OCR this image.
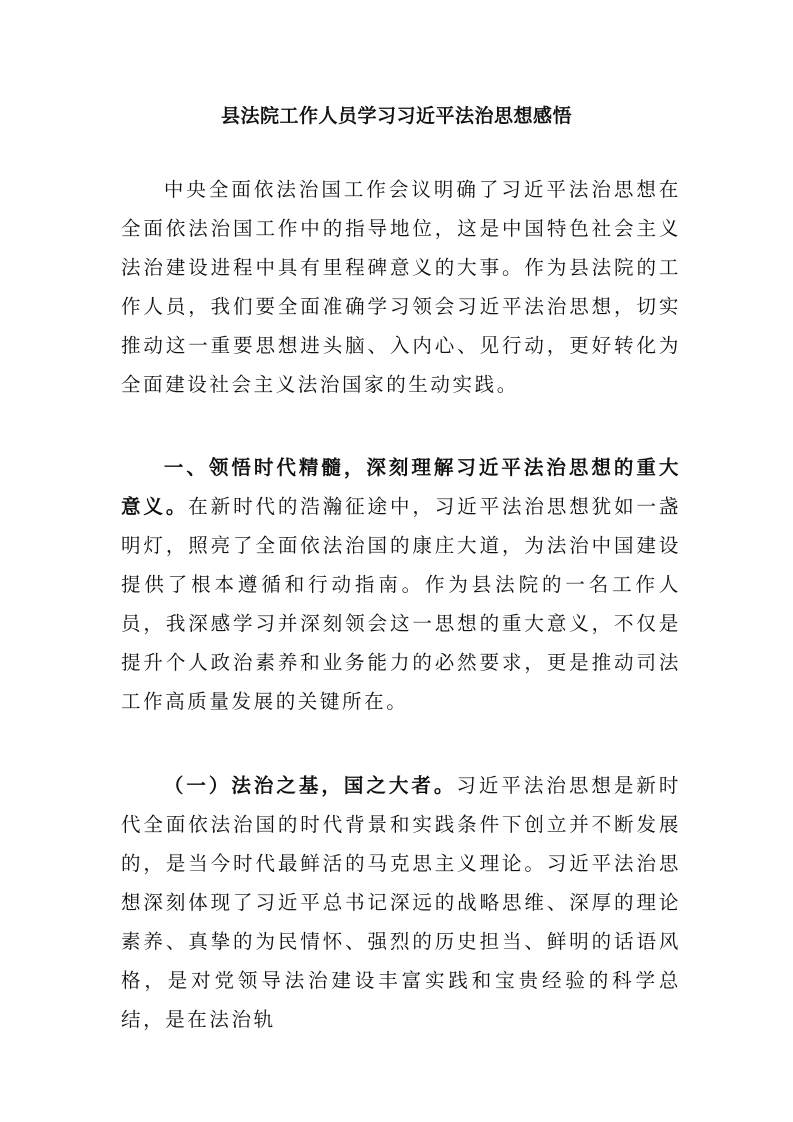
县法院工作人员学习习近平法治思想感悟

中央全面依法治国工作会议明确了习近平法治思想在全面依法治国工作中的指导地位，这是中国特色社会主义法治建设进程中具有里程碑意义的大事。作为县法院的工作人员，我们要全面准确学习领会习近平法治思想，切实推动这一重要思想进头脑、入内心、见行动，更好转化为全面建设社会主义法治国家的生动实践。

一、领悟时代精髓，深刻理解习近平法治思想的重大意义。在新时代的浩瀚征途中，习近平法治思想犹如一盏明灯，照亮了全面依法治国的康庄大道，为法治中国建设提供了根本遵循和行动指南。作为县法院的一名工作人员，我深感学习并深刻领会这一思想的重大意义，不仅是提升个人政治素养和业务能力的必然要求，更是推动司法工作高质量发展的关键所在。

（一）法治之基，国之大者。习近平法治思想是新时代全面依法治国的时代背景和实践条件下创立并不断发展的，是当今时代最鲜活的马克思主义理论。习近平法治思想深刻体现了习近平总书记深远的战略思维、深厚的理论素养、真挚的为民情怀、强烈的历史担当、鲜明的话语风格，是对党领导法治建设丰富实践和宝贵经验的科学总结，是在法治轨
